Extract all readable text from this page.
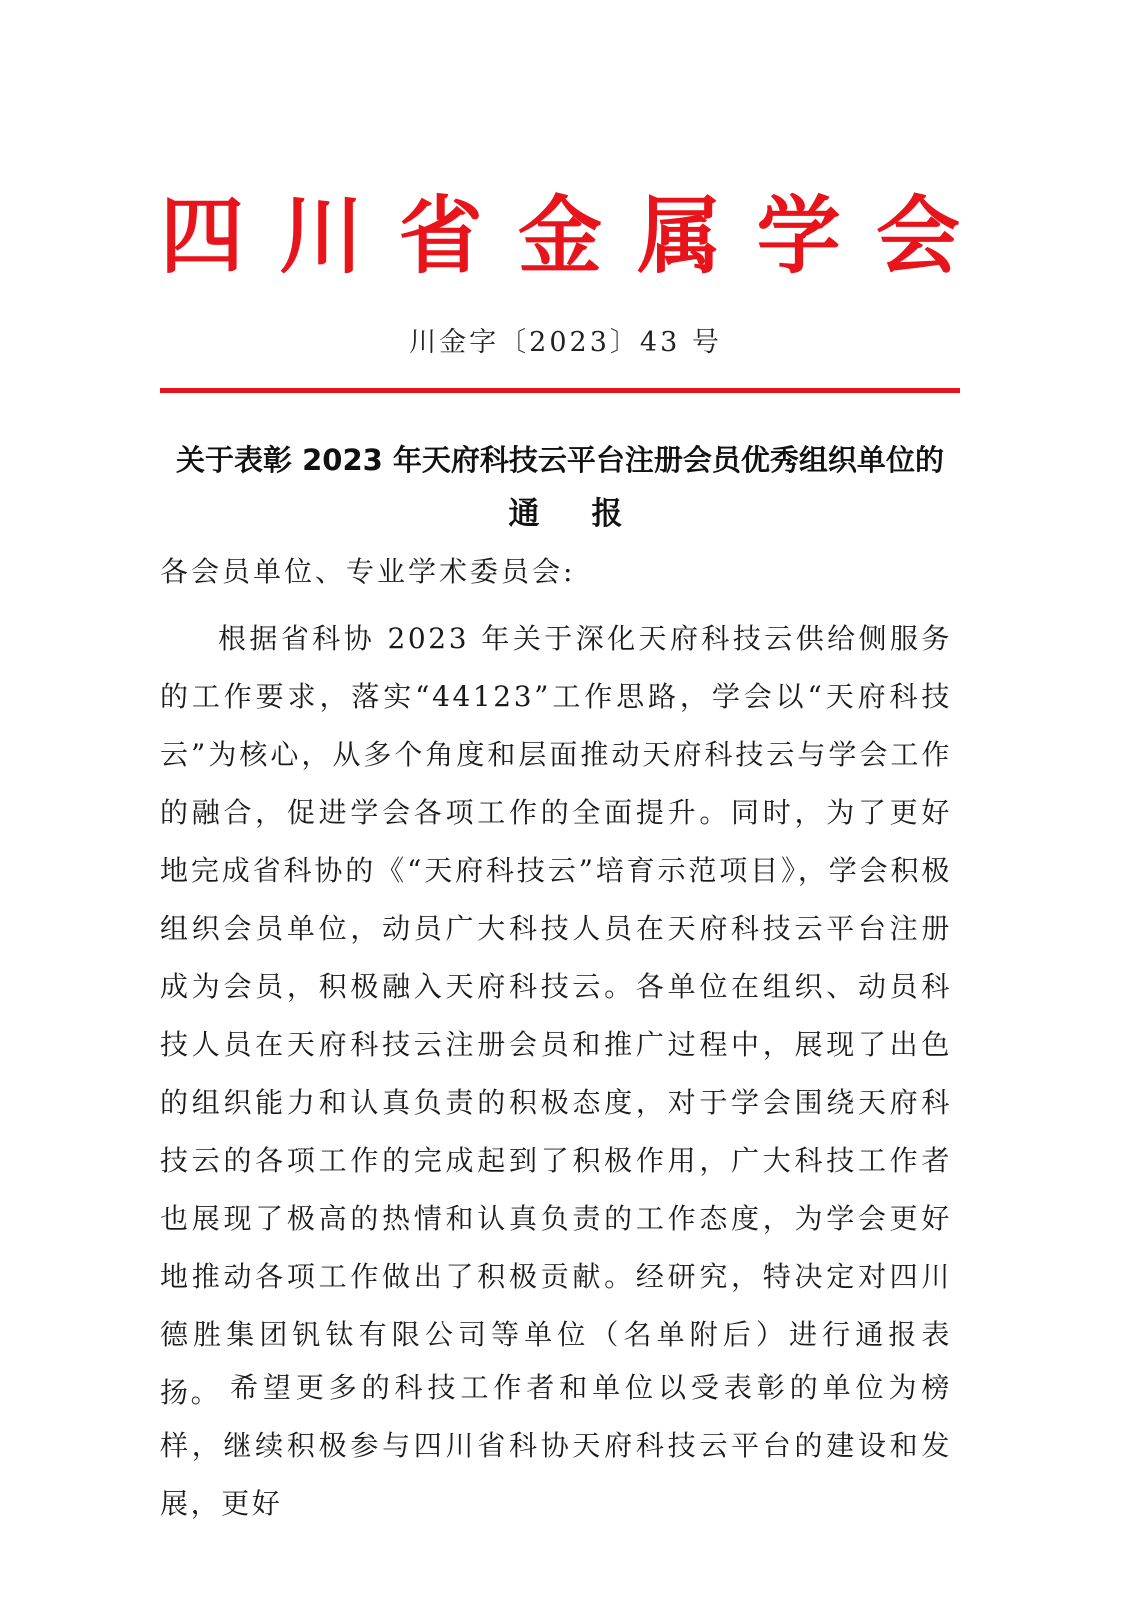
四 川 省 金 属 学 会
川金字〔2023〕43 号
关于表彰 2023 年天府科技云平台注册会员优秀组织单位的
通报
各会员单位、专业学术委员会:

根据省科协 2023 年关于深化天府科技云供给侧服务的工作要求，落实“44123”工作思路，学会以“天府科技云”为核心，从多个角度和层面推动天府科技云与学会工作的融合，促进学会各项工作的全面提升。同时，为了更好地完成省科协的《“天府科技云”培育示范项目》，学会积极组织会员单位，动员广大科技人员在天府科技云平台注册成为会员，积极融入天府科技云。各单位在组织、动员科技人员在天府科技云注册会员和推广过程中，展现了出色的组织能力和认真负责的积极态度，对于学会围绕天府科技云的各项工作的完成起到了积极作用，广大科技工作者也展现了极高的热情和认真负责的工作态度，为学会更好地推动各项工作做出了积极贡献。经研究，特决定对四川德胜集团钒钛有限公司等单位（名单附后）进行通报表扬。 希望更多的科技工作者和单位以受表彰的单位为榜样，继续积极参与四川省科协天府科技云平台的建设和发展，更好
